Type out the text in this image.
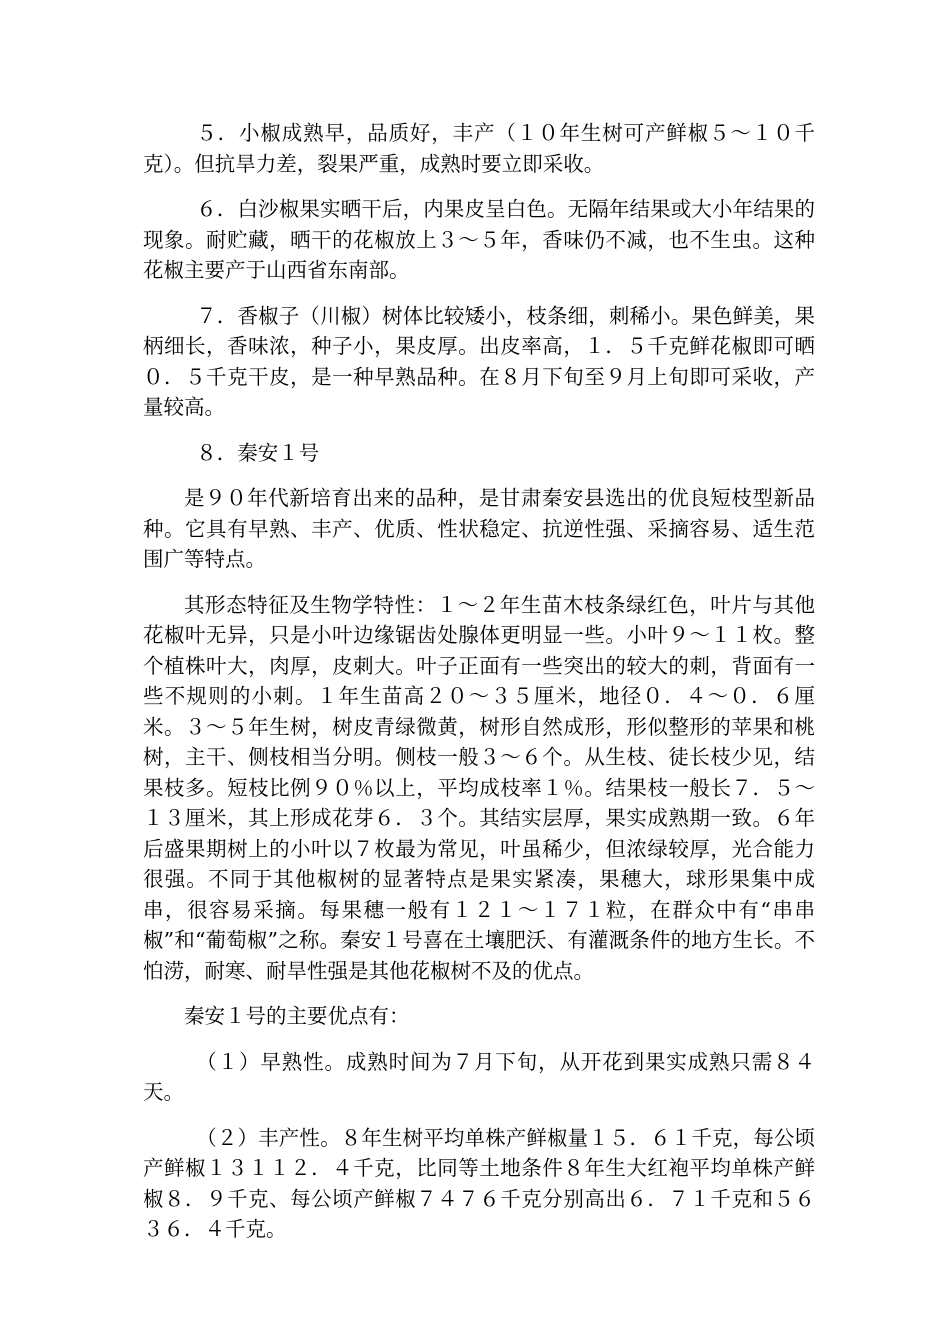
５．小椒成熟早，品质好，丰产（１０年生树可产鲜椒５～１０千克）。但抗旱力差，裂果严重，成熟时要立即采收。

６．白沙椒果实晒干后，内果皮呈白色。无隔年结果或大小年结果的现象。耐贮藏，晒干的花椒放上３～５年，香味仍不减，也不生虫。这种花椒主要产于山西省东南部。

７．香椒子（川椒）树体比较矮小，枝条细，刺稀小。果色鲜美，果柄细长，香味浓，种子小，果皮厚。出皮率高，１．５千克鲜花椒即可晒０．５千克干皮，是一种早熟品种。在８月下旬至９月上旬即可采收，产量较高。

８．秦安１号

是９０年代新培育出来的品种，是甘肃秦安县选出的优良短枝型新品种。它具有早熟、丰产、优质、性状稳定、抗逆性强、采摘容易、适生范围广等特点。

其形态特征及生物学特性：１～２年生苗木枝条绿红色，叶片与其他花椒叶无异，只是小叶边缘锯齿处腺体更明显一些。小叶９～１１枚。整个植株叶大，肉厚，皮刺大。叶子正面有一些突出的较大的刺，背面有一些不规则的小刺。１年生苗高２０～３５厘米，地径０．４～０．６厘米。３～５年生树，树皮青绿微黄，树形自然成形，形似整形的苹果和桃树，主干、侧枝相当分明。侧枝一般３～６个。从生枝、徒长枝少见，结果枝多。短枝比例９０％以上，平均成枝率１％。结果枝一般长７．５～１３厘米，其上形成花芽６．３个。其结实层厚，果实成熟期一致。６年后盛果期树上的小叶以７枚最为常见，叶虽稀少，但浓绿较厚，光合能力很强。不同于其他椒树的显著特点是果实紧凑，果穗大，球形果集中成串，很容易采摘。每果穗一般有１２１～１７１粒，在群众中有“串串椒”和“葡萄椒”之称。秦安１号喜在土壤肥沃、有灌溉条件的地方生长。不怕涝，耐寒、耐旱性强是其他花椒树不及的优点。

秦安１号的主要优点有：

（１）早熟性。成熟时间为７月下旬，从开花到果实成熟只需８４天。

（２）丰产性。８年生树平均单株产鲜椒量１５．６１千克，每公顷产鲜椒１３１１２．４千克，比同等土地条件８年生大红袍平均单株产鲜椒８．９千克、每公顷产鲜椒７４７６千克分别高出６．７１千克和５６３６．４千克。
